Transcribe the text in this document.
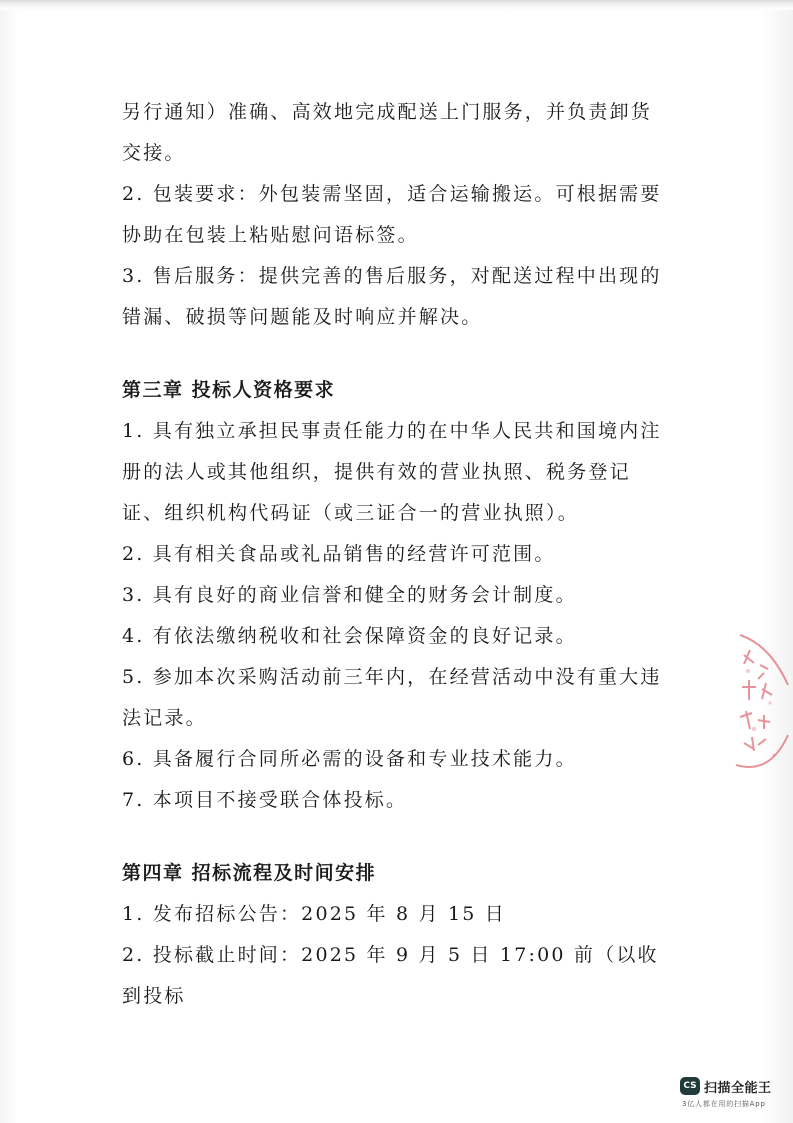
另行通知）准确、高效地完成配送上门服务，并负责卸货交接。

2. 包装要求：外包装需坚固，适合运输搬运。可根据需要协助在包装上粘贴慰问语标签。

3. 售后服务：提供完善的售后服务，对配送过程中出现的错漏、破损等问题能及时响应并解决。

第三章 投标人资格要求

1. 具有独立承担民事责任能力的在中华人民共和国境内注册的法人或其他组织，提供有效的营业执照、税务登记证、组织机构代码证（或三证合一的营业执照）。

2. 具有相关食品或礼品销售的经营许可范围。

3. 具有良好的商业信誉和健全的财务会计制度。

4. 有依法缴纳税收和社会保障资金的良好记录。

5. 参加本次采购活动前三年内，在经营活动中没有重大违法记录。

6. 具备履行合同所必需的设备和专业技术能力。

7. 本项目不接受联合体投标。

第四章 招标流程及时间安排

1. 发布招标公告：2025 年 8 月 15 日

2. 投标截止时间：2025 年 9 月 5 日 17:00 前（以收到投标

CS 扫描全能王
3亿人都在用的扫描App
